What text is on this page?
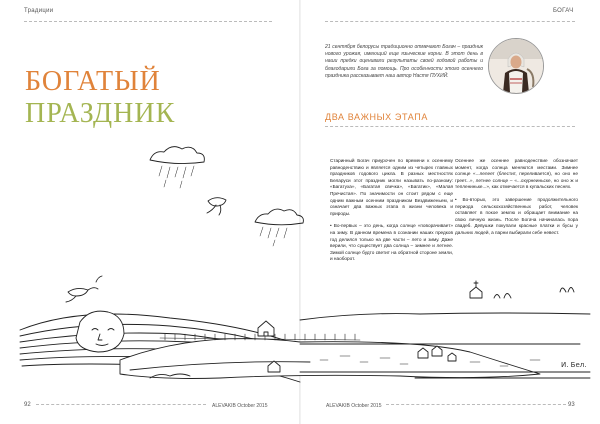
Традиции	БОГАЧ
БОГАТЫЙ
ПРАЗДНИК
21 сентября белорусы традиционно отмечают Богач – праздник нового урожая, имеющий еще языческие корни. В этот день в наши предки оценивали результаты своей годовой работы и благодарили Бога за помощь. Про особенности этого осеннего праздника рассказывает наш автор Настя ПУХИЙ.
ДВА ВАЖНЫХ ЭТАПА

Старинный Богач приурочен по времени к осеннему равноденствию и является одним из четырех главных праздников годового цикла. В разных местностях Беларуси этот праздник могли называть по-разному: «Багатуха», «Багатая свечка», «Багатик», «Малая Пречистая». По значимости он стоит рядом с еще одним важным осенним праздником Вездвиженьем, и означает два важных этапа в жизни человека и природы.

• Во-первых – это день, когда солнце «поворачивает» на зиму. В данном времена в сознании наших предков год делился только на две части – лето и зиму. Даже верили, что существует два солнца – зимнее и летнее. Зимой солнце будто светит на обратной стороне земли, и наоборот.

Осеннее же осеннее равноденствие обозначает момент, когда солнца меняются местами. Зимнее солнце «...лелеет (блестит, переливается), но оно не греет...», летнее солнце – «...охурнеиньске, но оно ж и теплениньке...», как отмечается в купальских песнях.

• Во-вторых, это завершение продолжительного периода сельскохозяйственных работ, человек оставляет в покое землю и обращает внимание на свою личную жизнь. После Богача начиналась пора свадеб. Девушки покупали красные платки и бусы у дальних людей, а парни выбирали себе невест.

И. Бел.
92	ALEVAKIB October 2015	ALEVAKIB October 2015	93
